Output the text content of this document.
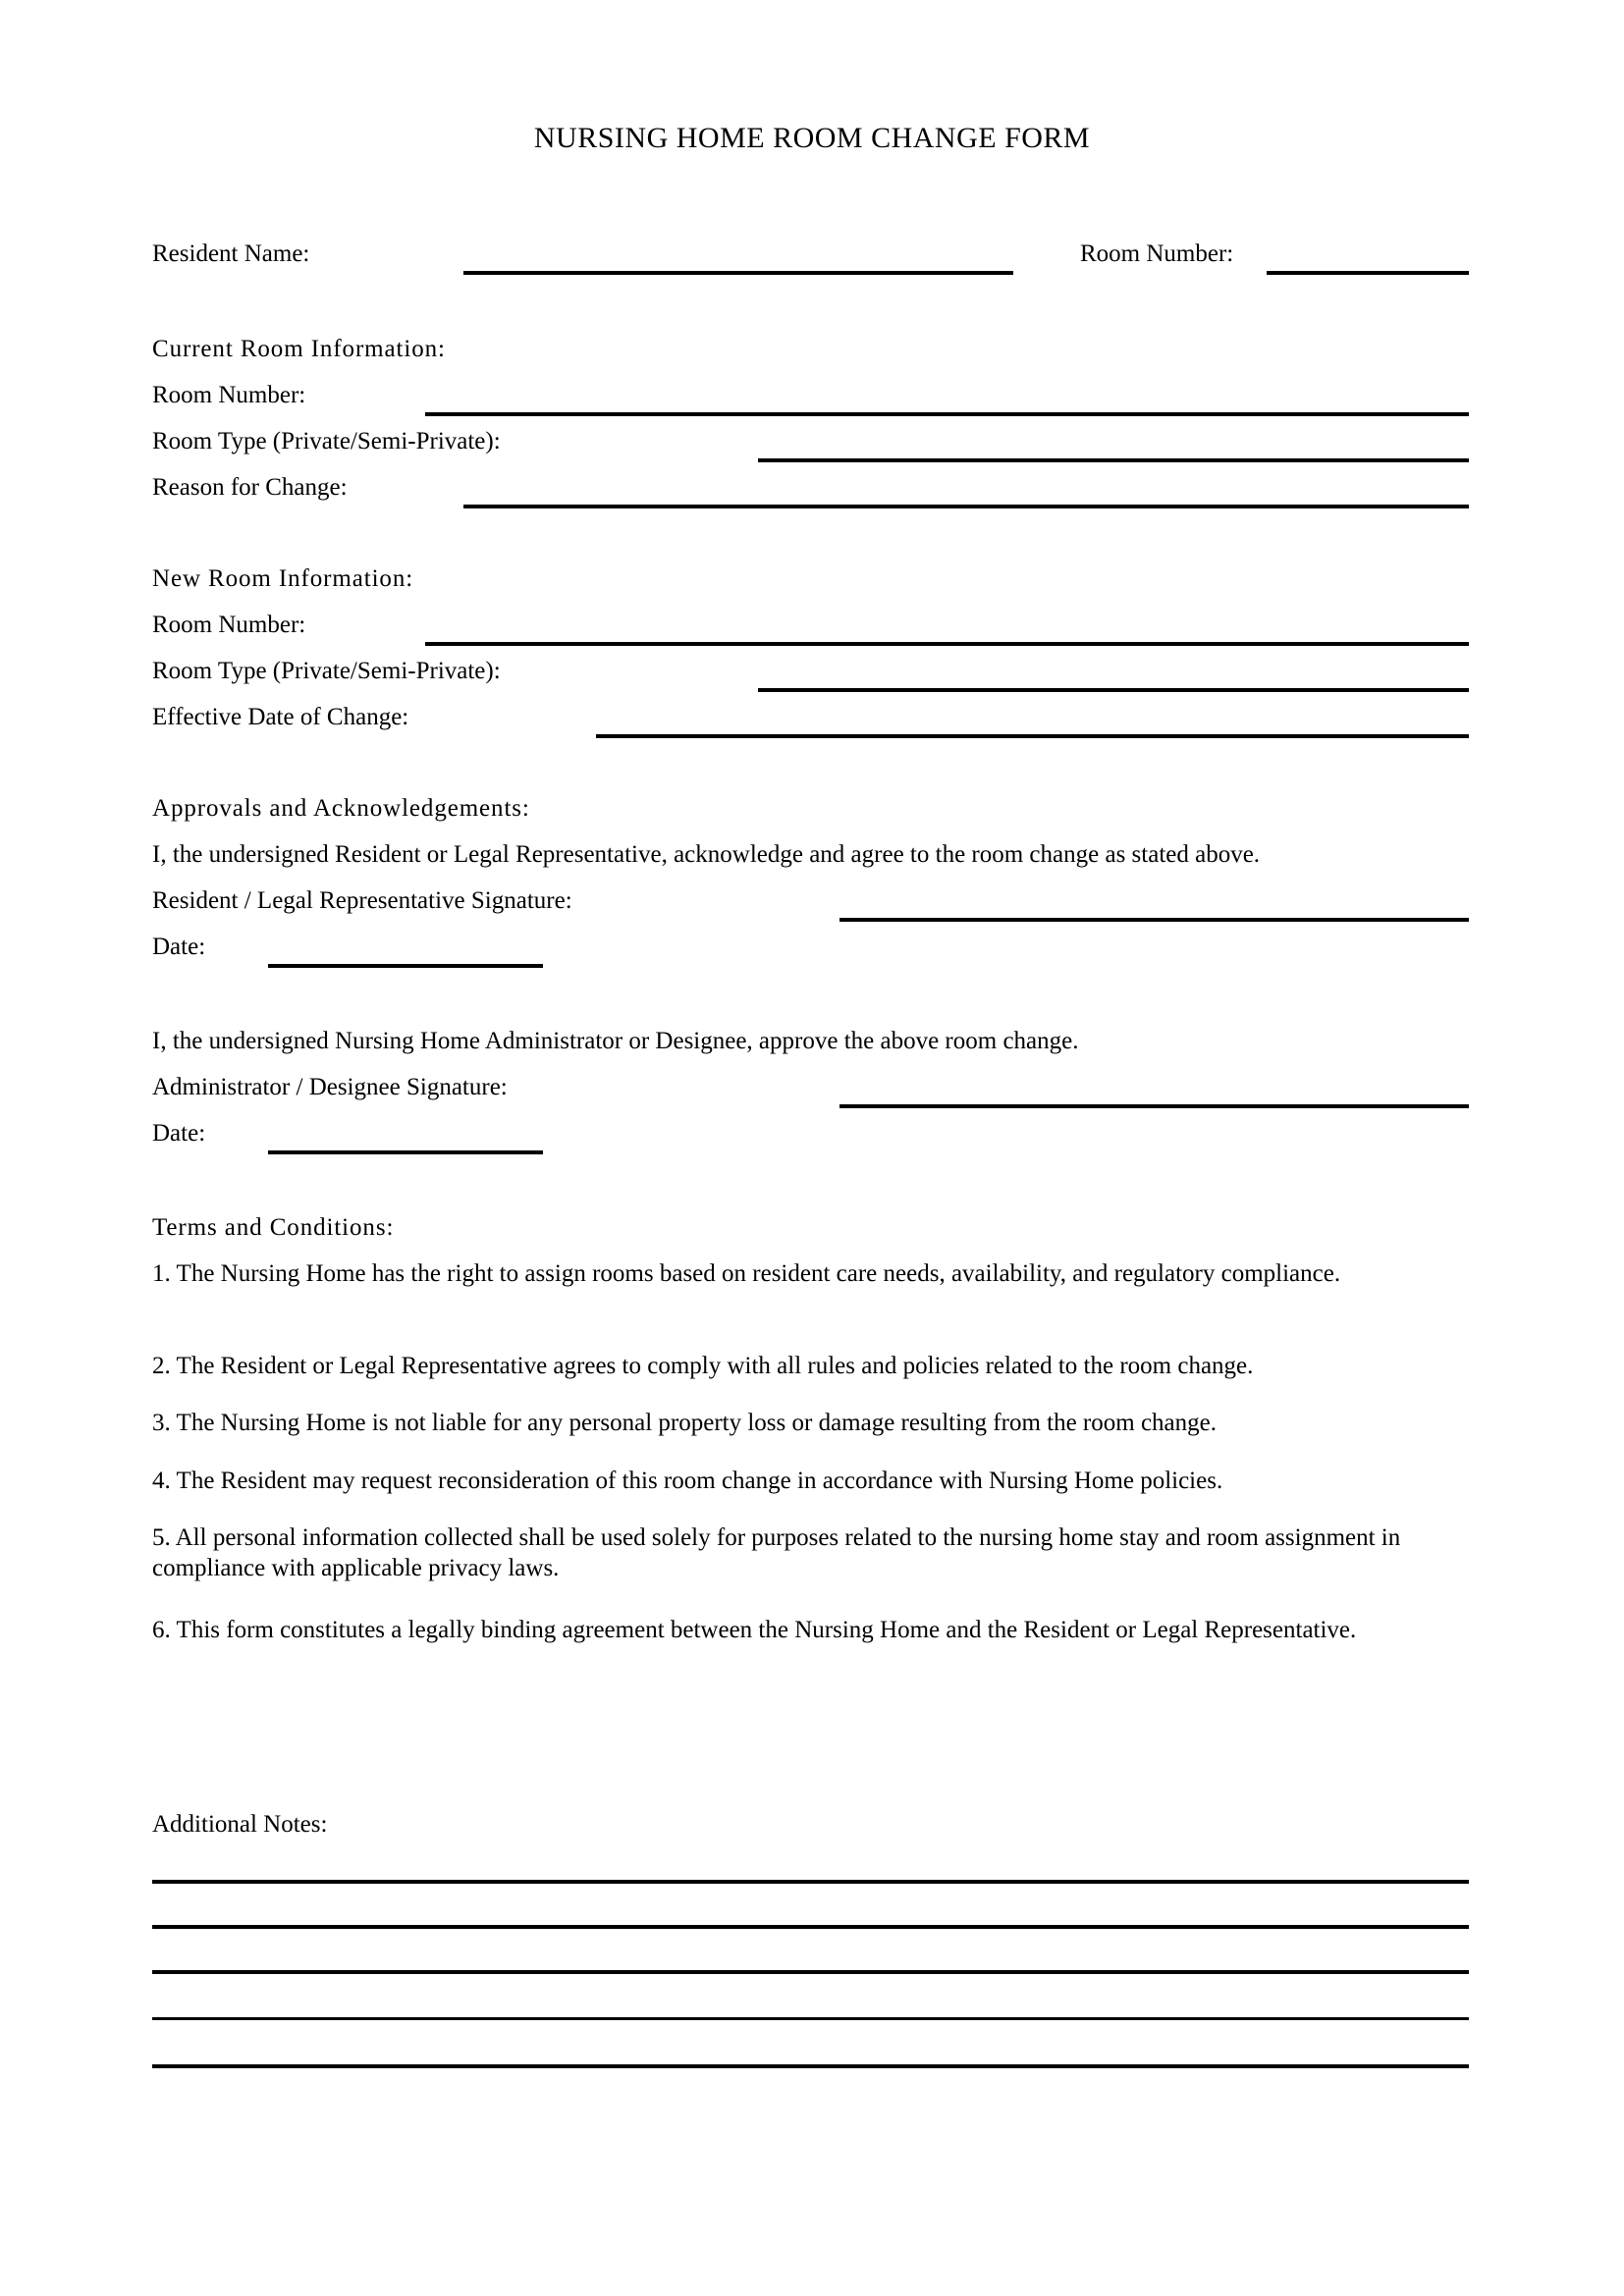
NURSING HOME ROOM CHANGE FORM
Resident Name:	Room Number:
Current Room Information:
Room Number:
Room Type (Private/Semi-Private):
Reason for Change:
New Room Information:
Room Number:
Room Type (Private/Semi-Private):
Effective Date of Change:
Approvals and Acknowledgements:
I, the undersigned Resident or Legal Representative, acknowledge and agree to the room change as stated above.
Resident / Legal Representative Signature:
Date:
I, the undersigned Nursing Home Administrator or Designee, approve the above room change.
Administrator / Designee Signature:
Date:
Terms and Conditions:
1. The Nursing Home has the right to assign rooms based on resident care needs, availability, and regulatory compliance.
2. The Resident or Legal Representative agrees to comply with all rules and policies related to the room change.
3. The Nursing Home is not liable for any personal property loss or damage resulting from the room change.
4. The Resident may request reconsideration of this room change in accordance with Nursing Home policies.
5. All personal information collected shall be used solely for purposes related to the nursing home stay and room assignment in compliance with applicable privacy laws.
6. This form constitutes a legally binding agreement between the Nursing Home and the Resident or Legal Representative.
Additional Notes:
